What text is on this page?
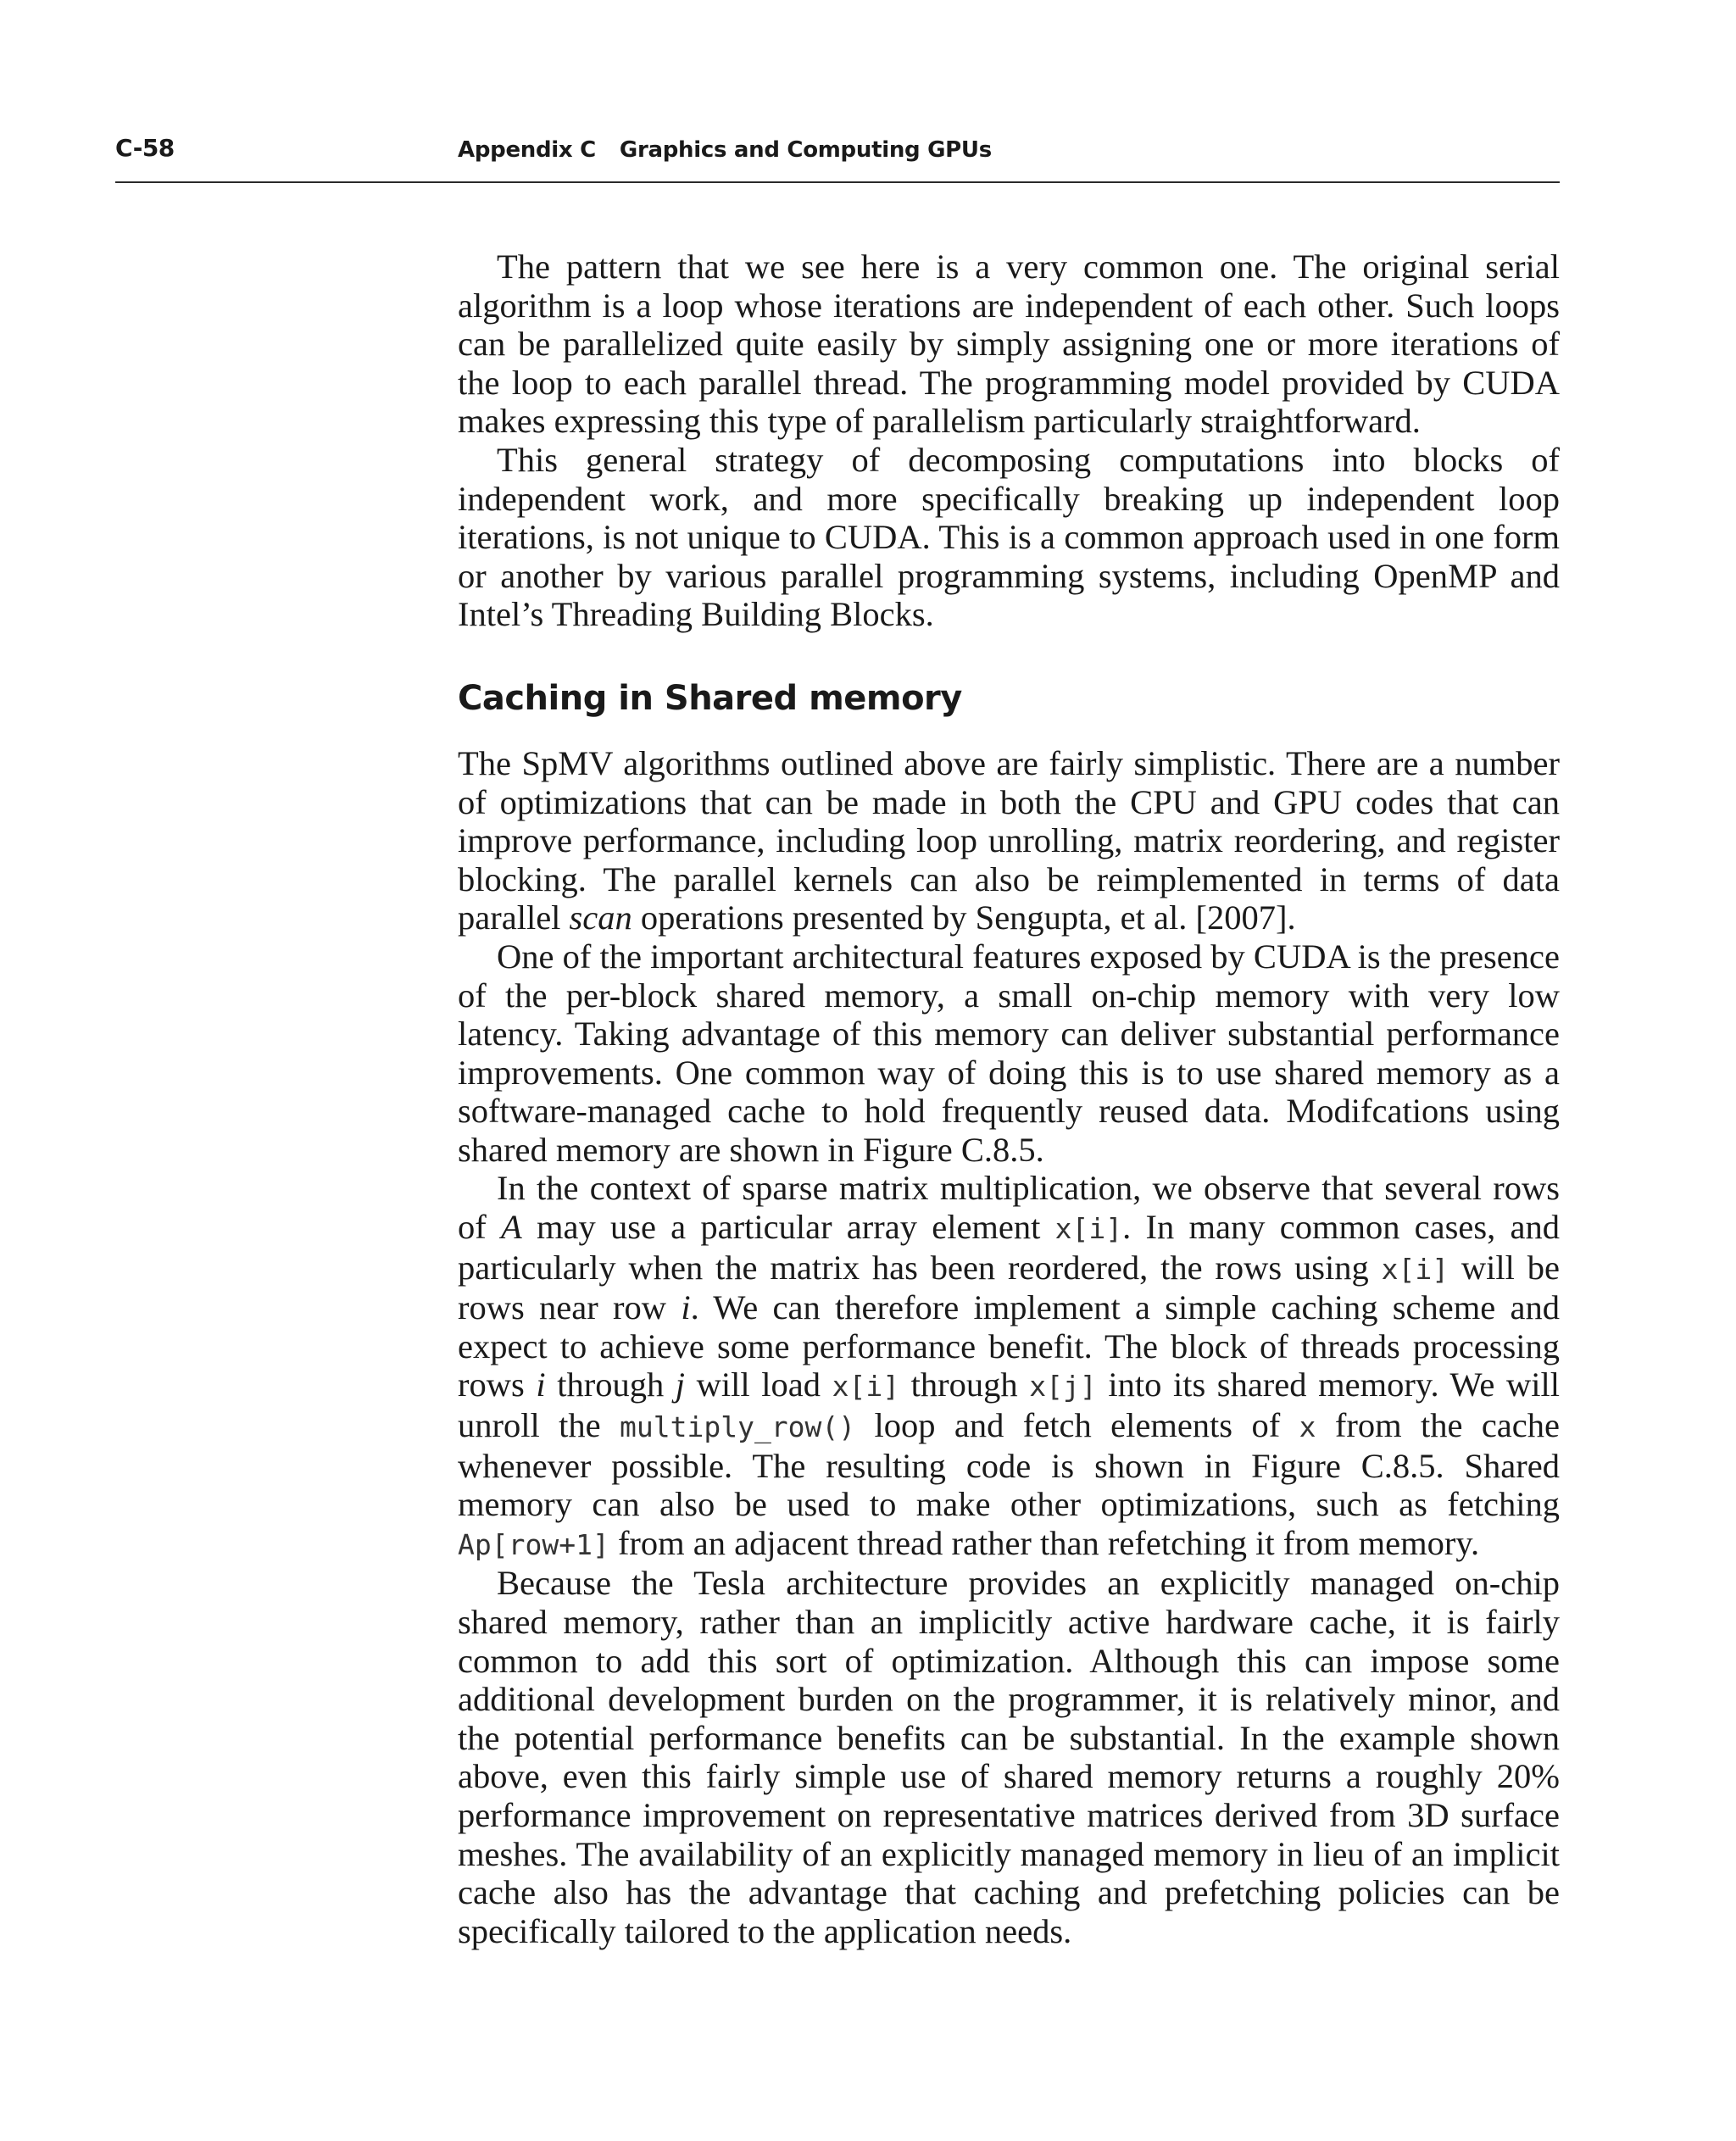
C-58	Appendix C Graphics and Computing GPUs

The pattern that we see here is a very common one. The original serial algorithm is a loop whose iterations are independent of each other. Such loops can be parallelized quite easily by simply assigning one or more iterations of the loop to each parallel thread. The programming model provided by CUDA makes expressing this type of parallelism particularly straightforward.

This general strategy of decomposing computations into blocks of independent work, and more specifically breaking up independent loop iterations, is not unique to CUDA. This is a common approach used in one form or another by various parallel programming systems, including OpenMP and Intel’s Threading Building Blocks.

Caching in Shared memory

The SpMV algorithms outlined above are fairly simplistic. There are a number of optimizations that can be made in both the CPU and GPU codes that can improve performance, including loop unrolling, matrix reordering, and register blocking. The parallel kernels can also be reimplemented in terms of data parallel scan operations presented by Sengupta, et al. [2007].

One of the important architectural features exposed by CUDA is the presence of the per-block shared memory, a small on-chip memory with very low latency. Taking advantage of this memory can deliver substantial performance improvements. One common way of doing this is to use shared memory as a software-managed cache to hold frequently reused data. Modifcations using shared memory are shown in Figure C.8.5.

In the context of sparse matrix multiplication, we observe that several rows of A may use a particular array element x[i]. In many common cases, and particularly when the matrix has been reordered, the rows using x[i] will be rows near row i. We can therefore implement a simple caching scheme and expect to achieve some performance benefit. The block of threads processing rows i through j will load x[i] through x[j] into its shared memory. We will unroll the multiply_row() loop and fetch elements of x from the cache whenever possible. The resulting code is shown in Figure C.8.5. Shared memory can also be used to make other optimizations, such as fetching Ap[row+1] from an adjacent thread rather than refetching it from memory.

Because the Tesla architecture provides an explicitly managed on-chip shared memory, rather than an implicitly active hardware cache, it is fairly common to add this sort of optimization. Although this can impose some additional development burden on the programmer, it is relatively minor, and the potential performance benefits can be substantial. In the example shown above, even this fairly simple use of shared memory returns a roughly 20% performance improvement on representative matrices derived from 3D surface meshes. The availability of an explicitly managed memory in lieu of an implicit cache also has the advantage that caching and prefetching policies can be specifically tailored to the application needs.
